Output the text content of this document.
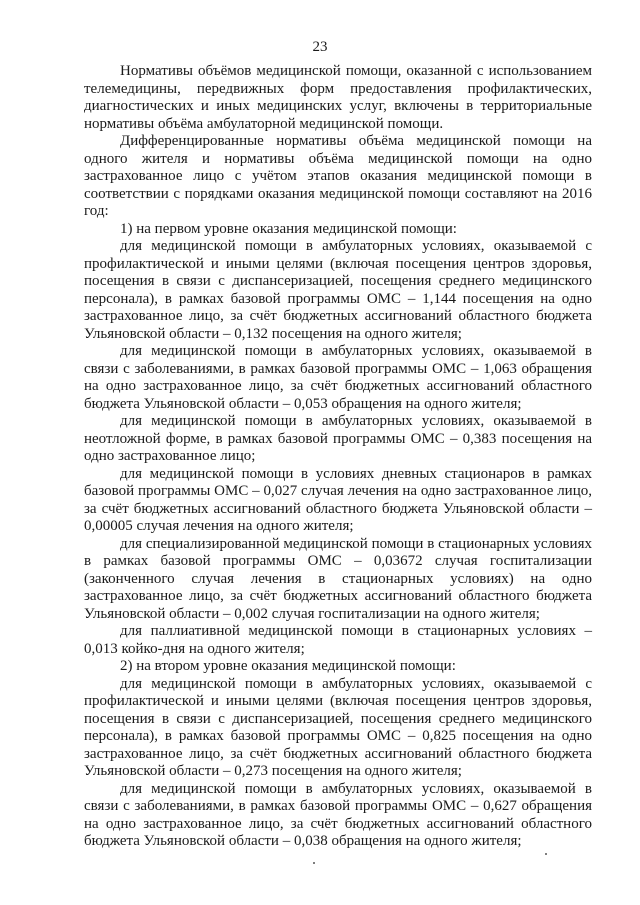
23

Нормативы объёмов медицинской помощи, оказанной с использованием телемедицины, передвижных форм предоставления профилактических, диагностических и иных медицинских услуг, включены в территориальные нормативы объёма амбулаторной медицинской помощи.

Дифференцированные нормативы объёма медицинской помощи на одного жителя и нормативы объёма медицинской помощи на одно застрахованное лицо с учётом этапов оказания медицинской помощи в соответствии с порядками оказания медицинской помощи составляют на 2016 год:

1) на первом уровне оказания медицинской помощи:

для медицинской помощи в амбулаторных условиях, оказываемой с профилактической и иными целями (включая посещения центров здоровья, посещения в связи с диспансеризацией, посещения среднего медицинского персонала), в рамках базовой программы ОМС – 1,144 посещения на одно застрахованное лицо, за счёт бюджетных ассигнований областного бюджета Ульяновской области – 0,132 посещения на одного жителя;

для медицинской помощи в амбулаторных условиях, оказываемой в связи с заболеваниями, в рамках базовой программы ОМС – 1,063 обращения на одно застрахованное лицо, за счёт бюджетных ассигнований областного бюджета Ульяновской области – 0,053 обращения на одного жителя;

для медицинской помощи в амбулаторных условиях, оказываемой в неотложной форме, в рамках базовой программы ОМС – 0,383 посещения на одно застрахованное лицо;

для медицинской помощи в условиях дневных стационаров в рамках базовой программы ОМС – 0,027 случая лечения на одно застрахованное лицо, за счёт бюджетных ассигнований областного бюджета Ульяновской области – 0,00005 случая лечения на одного жителя;

для специализированной медицинской помощи в стационарных условиях в рамках базовой программы ОМС – 0,03672 случая госпитализации (законченного случая лечения в стационарных условиях) на одно застрахованное лицо, за счёт бюджетных ассигнований областного бюджета Ульяновской области – 0,002 случая госпитализации на одного жителя;

для паллиативной медицинской помощи в стационарных условиях – 0,013 койко-дня на одного жителя;

2) на втором уровне оказания медицинской помощи:

для медицинской помощи в амбулаторных условиях, оказываемой с профилактической и иными целями (включая посещения центров здоровья, посещения в связи с диспансеризацией, посещения среднего медицинского персонала), в рамках базовой программы ОМС – 0,825 посещения на одно застрахованное лицо, за счёт бюджетных ассигнований областного бюджета Ульяновской области – 0,273 посещения на одного жителя;

для медицинской помощи в амбулаторных условиях, оказываемой в связи с заболеваниями, в рамках базовой программы ОМС – 0,627 обращения на одно застрахованное лицо, за счёт бюджетных ассигнований областного бюджета Ульяновской области – 0,038 обращения на одного жителя;
